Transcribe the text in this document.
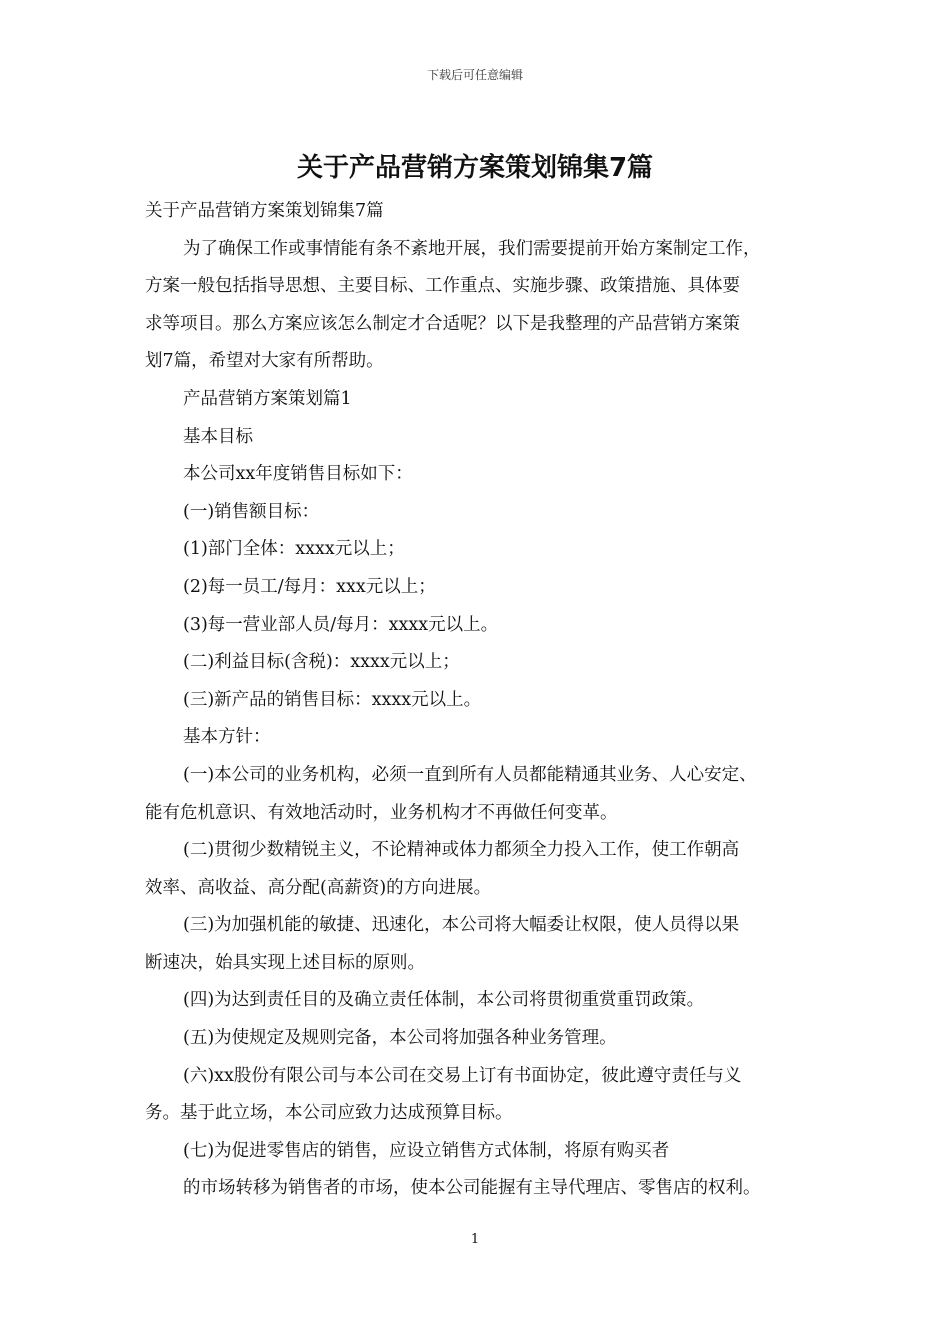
下载后可任意编辑
关于产品营销方案策划锦集7篇

关于产品营销方案策划锦集7篇

为了确保工作或事情能有条不紊地开展，我们需要提前开始方案制定工作，

方案一般包括指导思想、主要目标、工作重点、实施步骤、政策措施、具体要

求等项目。那么方案应该怎么制定才合适呢？以下是我整理的产品营销方案策

划7篇，希望对大家有所帮助。

产品营销方案策划篇1

基本目标

本公司xx年度销售目标如下：

(一)销售额目标：

(1)部门全体：xxxx元以上；

(2)每一员工/每月：xxx元以上；

(3)每一营业部人员/每月：xxxx元以上。

(二)利益目标(含税)：xxxx元以上；

(三)新产品的销售目标：xxxx元以上。

基本方针：

(一)本公司的业务机构，必须一直到所有人员都能精通其业务、人心安定、

能有危机意识、有效地活动时，业务机构才不再做任何变革。

(二)贯彻少数精锐主义，不论精神或体力都须全力投入工作，使工作朝高

效率、高收益、高分配(高薪资)的方向进展。

(三)为加强机能的敏捷、迅速化，本公司将大幅委让权限，使人员得以果

断速决，始具实现上述目标的原则。

(四)为达到责任目的及确立责任体制，本公司将贯彻重赏重罚政策。

(五)为使规定及规则完备，本公司将加强各种业务管理。

(六)xx股份有限公司与本公司在交易上订有书面协定，彼此遵守责任与义

务。基于此立场，本公司应致力达成预算目标。

(七)为促进零售店的销售，应设立销售方式体制，将原有购买者

的市场转移为销售者的市场，使本公司能握有主导代理店、零售店的权利。

1
